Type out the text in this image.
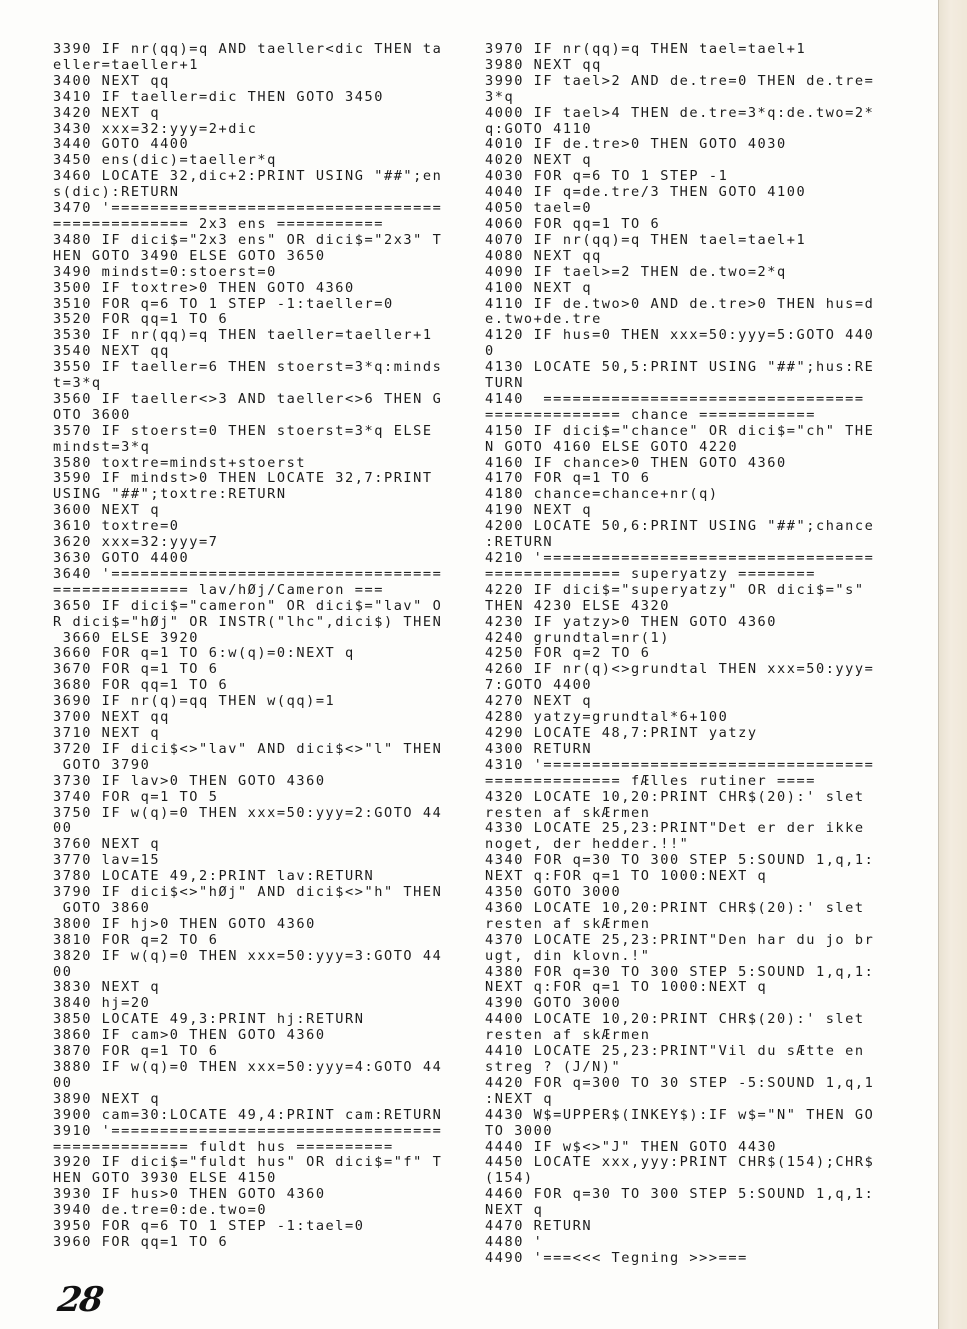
3390 IF nr(qq)=q AND taeller<dic THEN ta
eller=taeller+1
3400 NEXT qq
3410 IF taeller=dic THEN GOTO 3450
3420 NEXT q
3430 xxx=32:yyy=2+dic
3440 GOTO 4400
3450 ens(dic)=taeller*q
3460 LOCATE 32,dic+2:PRINT USING "##";en
s(dic):RETURN
3470 '==================================
============== 2x3 ens ===========
3480 IF dici$="2x3 ens" OR dici$="2x3" T
HEN GOTO 3490 ELSE GOTO 3650
3490 mindst=0:stoerst=0
3500 IF toxtre>0 THEN GOTO 4360
3510 FOR q=6 TO 1 STEP -1:taeller=0
3520 FOR qq=1 TO 6
3530 IF nr(qq)=q THEN taeller=taeller+1
3540 NEXT qq
3550 IF taeller=6 THEN stoerst=3*q:minds
t=3*q
3560 IF taeller<>3 AND taeller<>6 THEN G
OTO 3600
3570 IF stoerst=0 THEN stoerst=3*q ELSE
mindst=3*q
3580 toxtre=mindst+stoerst
3590 IF mindst>0 THEN LOCATE 32,7:PRINT
USING "##";toxtre:RETURN
3600 NEXT q
3610 toxtre=0
3620 xxx=32:yyy=7
3630 GOTO 4400
3640 '==================================
============== lav/hØj/Cameron ===
3650 IF dici$="cameron" OR dici$="lav" O
R dici$="hØj" OR INSTR("lhc",dici$) THEN
3660 ELSE 3920
3660 FOR q=1 TO 6:w(q)=0:NEXT q
3670 FOR q=1 TO 6
3680 FOR qq=1 TO 6
3690 IF nr(q)=qq THEN w(qq)=1
3700 NEXT qq
3710 NEXT q
3720 IF dici$<>"lav" AND dici$<>"l" THEN
GOTO 3790
3730 IF lav>0 THEN GOTO 4360
3740 FOR q=1 TO 5
3750 IF w(q)=0 THEN xxx=50:yyy=2:GOTO 44
00
3760 NEXT q
3770 lav=15
3780 LOCATE 49,2:PRINT lav:RETURN
3790 IF dici$<>"hØj" AND dici$<>"h" THEN
GOTO 3860
3800 IF hj>0 THEN GOTO 4360
3810 FOR q=2 TO 6
3820 IF w(q)=0 THEN xxx=50:yyy=3:GOTO 44
00
3830 NEXT q
3840 hj=20
3850 LOCATE 49,3:PRINT hj:RETURN
3860 IF cam>0 THEN GOTO 4360
3870 FOR q=1 TO 6
3880 IF w(q)=0 THEN xxx=50:yyy=4:GOTO 44
00
3890 NEXT q
3900 cam=30:LOCATE 49,4:PRINT cam:RETURN
3910 '==================================
============== fuldt hus ==========
3920 IF dici$="fuldt hus" OR dici$="f" T
HEN GOTO 3930 ELSE 4150
3930 IF hus>0 THEN GOTO 4360
3940 de.tre=0:de.two=0
3950 FOR q=6 TO 1 STEP -1:tael=0
3960 FOR qq=1 TO 6
3970 IF nr(qq)=q THEN tael=tael+1
3980 NEXT qq
3990 IF tael>2 AND de.tre=0 THEN de.tre=
3*q
4000 IF tael>4 THEN de.tre=3*q:de.two=2*
q:GOTO 4110
4010 IF de.tre>0 THEN GOTO 4030
4020 NEXT q
4030 FOR q=6 TO 1 STEP -1
4040 IF q=de.tre/3 THEN GOTO 4100
4050 tael=0
4060 FOR qq=1 TO 6
4070 IF nr(qq)=q THEN tael=tael+1
4080 NEXT qq
4090 IF tael>=2 THEN de.two=2*q
4100 NEXT q
4110 IF de.two>0 AND de.tre>0 THEN hus=d
e.two+de.tre
4120 IF hus=0 THEN xxx=50:yyy=5:GOTO 440
0
4130 LOCATE 50,5:PRINT USING "##";hus:RE
TURN
4140  =================================
============== chance ============
4150 IF dici$="chance" OR dici$="ch" THE
N GOTO 4160 ELSE GOTO 4220
4160 IF chance>0 THEN GOTO 4360
4170 FOR q=1 TO 6
4180 chance=chance+nr(q)
4190 NEXT q
4200 LOCATE 50,6:PRINT USING "##";chance
:RETURN
4210 '==================================
============== superyatzy ========
4220 IF dici$="superyatzy" OR dici$="s"
THEN 4230 ELSE 4320
4230 IF yatzy>0 THEN GOTO 4360
4240 grundtal=nr(1)
4250 FOR q=2 TO 6
4260 IF nr(q)<>grundtal THEN xxx=50:yyy=
7:GOTO 4400
4270 NEXT q
4280 yatzy=grundtal*6+100
4290 LOCATE 48,7:PRINT yatzy
4300 RETURN
4310 '==================================
============== fÆlles rutiner ====
4320 LOCATE 10,20:PRINT CHR$(20):' slet
resten af skÆrmen
4330 LOCATE 25,23:PRINT"Det er der ikke
noget, der hedder.!!"
4340 FOR q=30 TO 300 STEP 5:SOUND 1,q,1:
NEXT q:FOR q=1 TO 1000:NEXT q
4350 GOTO 3000
4360 LOCATE 10,20:PRINT CHR$(20):' slet
resten af skÆrmen
4370 LOCATE 25,23:PRINT"Den har du jo br
ugt, din klovn.!"
4380 FOR q=30 TO 300 STEP 5:SOUND 1,q,1:
NEXT q:FOR q=1 TO 1000:NEXT q
4390 GOTO 3000
4400 LOCATE 10,20:PRINT CHR$(20):' slet
resten af skÆrmen
4410 LOCATE 25,23:PRINT"Vil du sÆtte en
streg ? (J/N)"
4420 FOR q=300 TO 30 STEP -5:SOUND 1,q,1
:NEXT q
4430 W$=UPPER$(INKEY$):IF w$="N" THEN GO
TO 3000
4440 IF w$<>"J" THEN GOTO 4430
4450 LOCATE xxx,yyy:PRINT CHR$(154);CHR$
(154)
4460 FOR q=30 TO 300 STEP 5:SOUND 1,q,1:
NEXT q
4470 RETURN
4480 '
4490 '===<<< Tegning >>>===
28
